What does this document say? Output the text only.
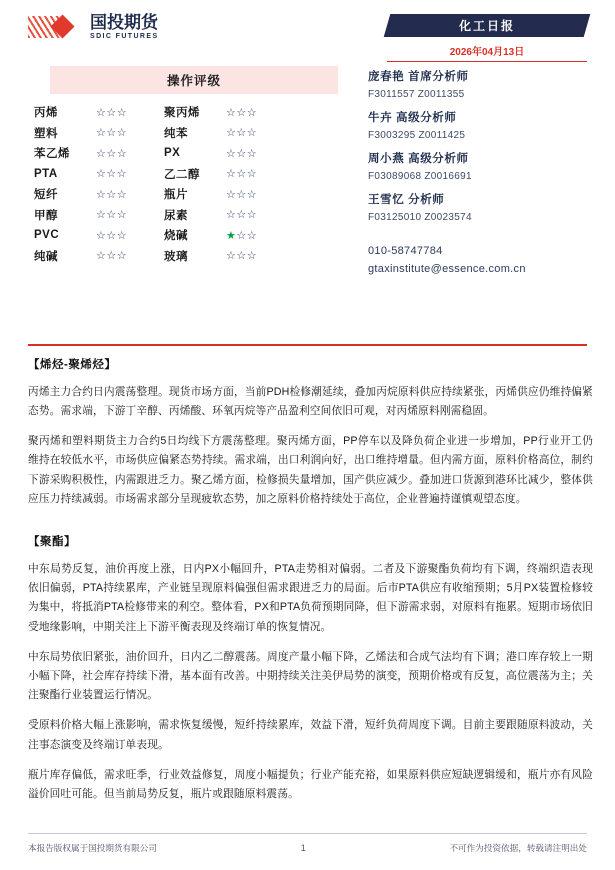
国投期货
SDIC FUTURES
化工日报
2026年04月13日
操作评级
丙烯	☆☆☆	聚丙烯	☆☆☆
塑料	☆☆☆	纯苯	☆☆☆
苯乙烯	☆☆☆	PX	☆☆☆
PTA	☆☆☆	乙二醇	☆☆☆
短纤	☆☆☆	瓶片	☆☆☆
甲醇	☆☆☆	尿素	☆☆☆
PVC	☆☆☆	烧碱	★☆☆
纯碱	☆☆☆	玻璃	☆☆☆
庞春艳 首席分析师
F3011557 Z0011355
牛卉 高级分析师
F3003295 Z0011425
周小燕 高级分析师
F03089068 Z0016691
王雪忆 分析师
F03125010 Z0023574
010-58747784
gtaxinstitute@essence.com.cn
【烯烃-聚烯烃】

丙烯主力合约日内震荡整理。现货市场方面，当前PDH检修潮延续，叠加丙烷原料供应持续紧张，丙烯供应仍维持偏紧态势。需求端，下游丁辛醇、丙烯酸、环氧丙烷等产品盈利空间依旧可观，对丙烯原料刚需稳固。

聚丙烯和塑料期货主力合约5日均线下方震荡整理。聚丙烯方面，PP停车以及降负荷企业进一步增加，PP行业开工仍维持在较低水平，市场供应偏紧态势持续。需求端，出口利润向好，出口维持增量。但内需方面，原料价格高位，制约下游采购积极性，内需跟进乏力。聚乙烯方面，检修损失量增加，国产供应减少。叠加进口货源到港环比减少，整体供应压力持续减弱。市场需求部分呈现疲软态势，加之原料价格持续处于高位，企业普遍持谨慎观望态度。

【聚酯】

中东局势反复，油价再度上涨，日内PX小幅回升，PTA走势相对偏弱。二者及下游聚酯负荷均有下调，终端织造表现依旧偏弱，PTA持续累库，产业链呈现原料偏强但需求跟进乏力的局面。后市PTA供应有收缩预期；5月PX装置检修较为集中，将抵消PTA检修带来的利空。整体看，PX和PTA负荷预期同降，但下游需求弱，对原料有拖累。短期市场依旧受地缘影响，中期关注上下游平衡表现及终端订单的恢复情况。

中东局势依旧紧张，油价回升，日内乙二醇震荡。周度产量小幅下降，乙烯法和合成气法均有下调；港口库存较上一期小幅下降，社会库存持续下滑，基本面有改善。中期持续关注美伊局势的演变，预期价格或有反复，高位震荡为主；关注聚酯行业装置运行情况。

受原料价格大幅上涨影响，需求恢复缓慢，短纤持续累库，效益下滑，短纤负荷周度下调。目前主要跟随原料波动，关注事态演变及终端订单表现。

瓶片库存偏低，需求旺季，行业效益修复，周度小幅提负；行业产能充裕，如果原料供应短缺逻辑缓和，瓶片亦有风险溢价回吐可能。但当前局势反复，瓶片或跟随原料震荡。

本报告版权属于国投期货有限公司	1	不可作为投资依据，转载请注明出处
